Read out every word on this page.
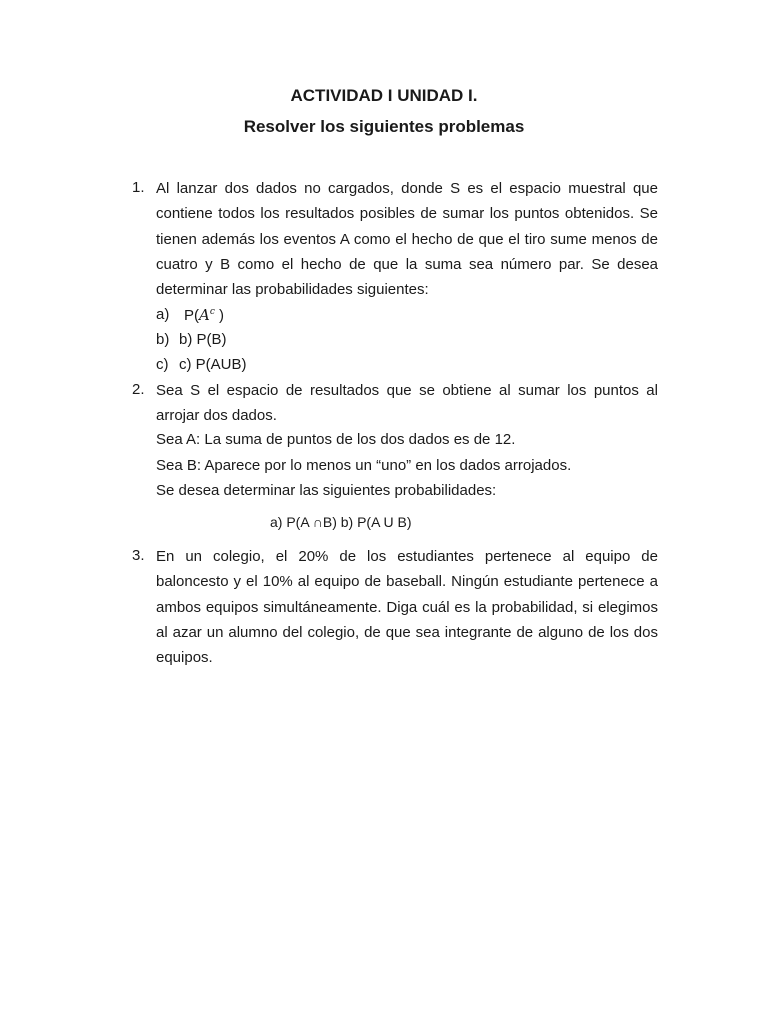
ACTIVIDAD I UNIDAD I.
Resolver los siguientes problemas
1. Al lanzar dos dados no cargados, donde S es el espacio muestral que contiene todos los resultados posibles de sumar los puntos obtenidos. Se tienen además los eventos A como el hecho de que el tiro sume menos de cuatro y B como el hecho de que la suma sea número par. Se desea determinar las probabilidades siguientes:
a) $P(A^c$ )
b) b) P(B)
c) c) P(AUB)
2. Sea S el espacio de resultados que se obtiene al sumar los puntos al arrojar dos dados.
Sea A: La suma de puntos de los dos dados es de 12.
Sea B: Aparece por lo menos un “uno” en los dados arrojados.
Se desea determinar las siguientes probabilidades:
a) P(A ∩B) b) P(A U B)
3. En un colegio, el 20% de los estudiantes pertenece al equipo de baloncesto y el 10% al equipo de baseball. Ningún estudiante pertenece a ambos equipos simultáneamente. Diga cuál es la probabilidad, si elegimos al azar un alumno del colegio, de que sea integrante de alguno de los dos equipos.
